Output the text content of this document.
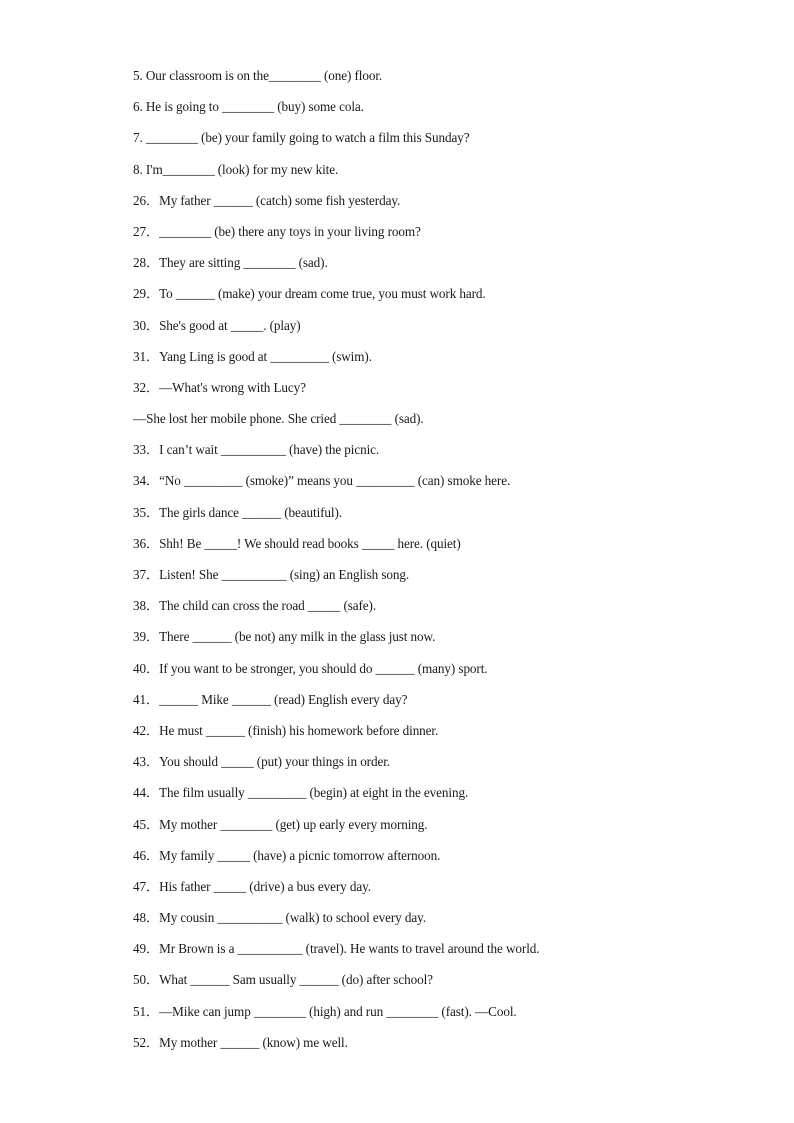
5. Our classroom is on the________ (one) floor.
6. He is going to ________ (buy) some cola.
7. ________ (be) your family going to watch a film this Sunday?
8. I'm________ (look) for my new kite.
26．My father ______ (catch) some fish yesterday.
27．________ (be) there any toys in your living room?
28．They are sitting ________ (sad).
29．To ______ (make) your dream come true, you must work hard.
30．She's good at _____. (play)
31．Yang Ling is good at _________ (swim).
32．—What's wrong with Lucy?
—She lost her mobile phone. She cried ________ (sad).
33．I can’t wait __________ (have) the picnic.
34．“No _________ (smoke)” means you _________ (can) smoke here.
35．The girls dance ______ (beautiful).
36．Shh! Be _____! We should read books _____ here. (quiet)
37．Listen! She __________ (sing) an English song.
38．The child can cross the road _____ (safe).
39．There ______ (be not) any milk in the glass just now.
40．If you want to be stronger, you should do ______ (many) sport.
41．______ Mike ______ (read) English every day?
42．He must ______ (finish) his homework before dinner.
43．You should _____ (put) your things in order.
44．The film usually _________ (begin) at eight in the evening.
45．My mother ________ (get) up early every morning.
46．My family _____ (have) a picnic tomorrow afternoon.
47．His father _____ (drive) a bus every day.
48．My cousin __________ (walk) to school every day.
49．Mr Brown is a __________ (travel). He wants to travel around the world.
50．What ______ Sam usually ______ (do) after school?
51．—Mike can jump ________ (high) and run ________ (fast). —Cool.
52．My mother ______ (know) me well.
